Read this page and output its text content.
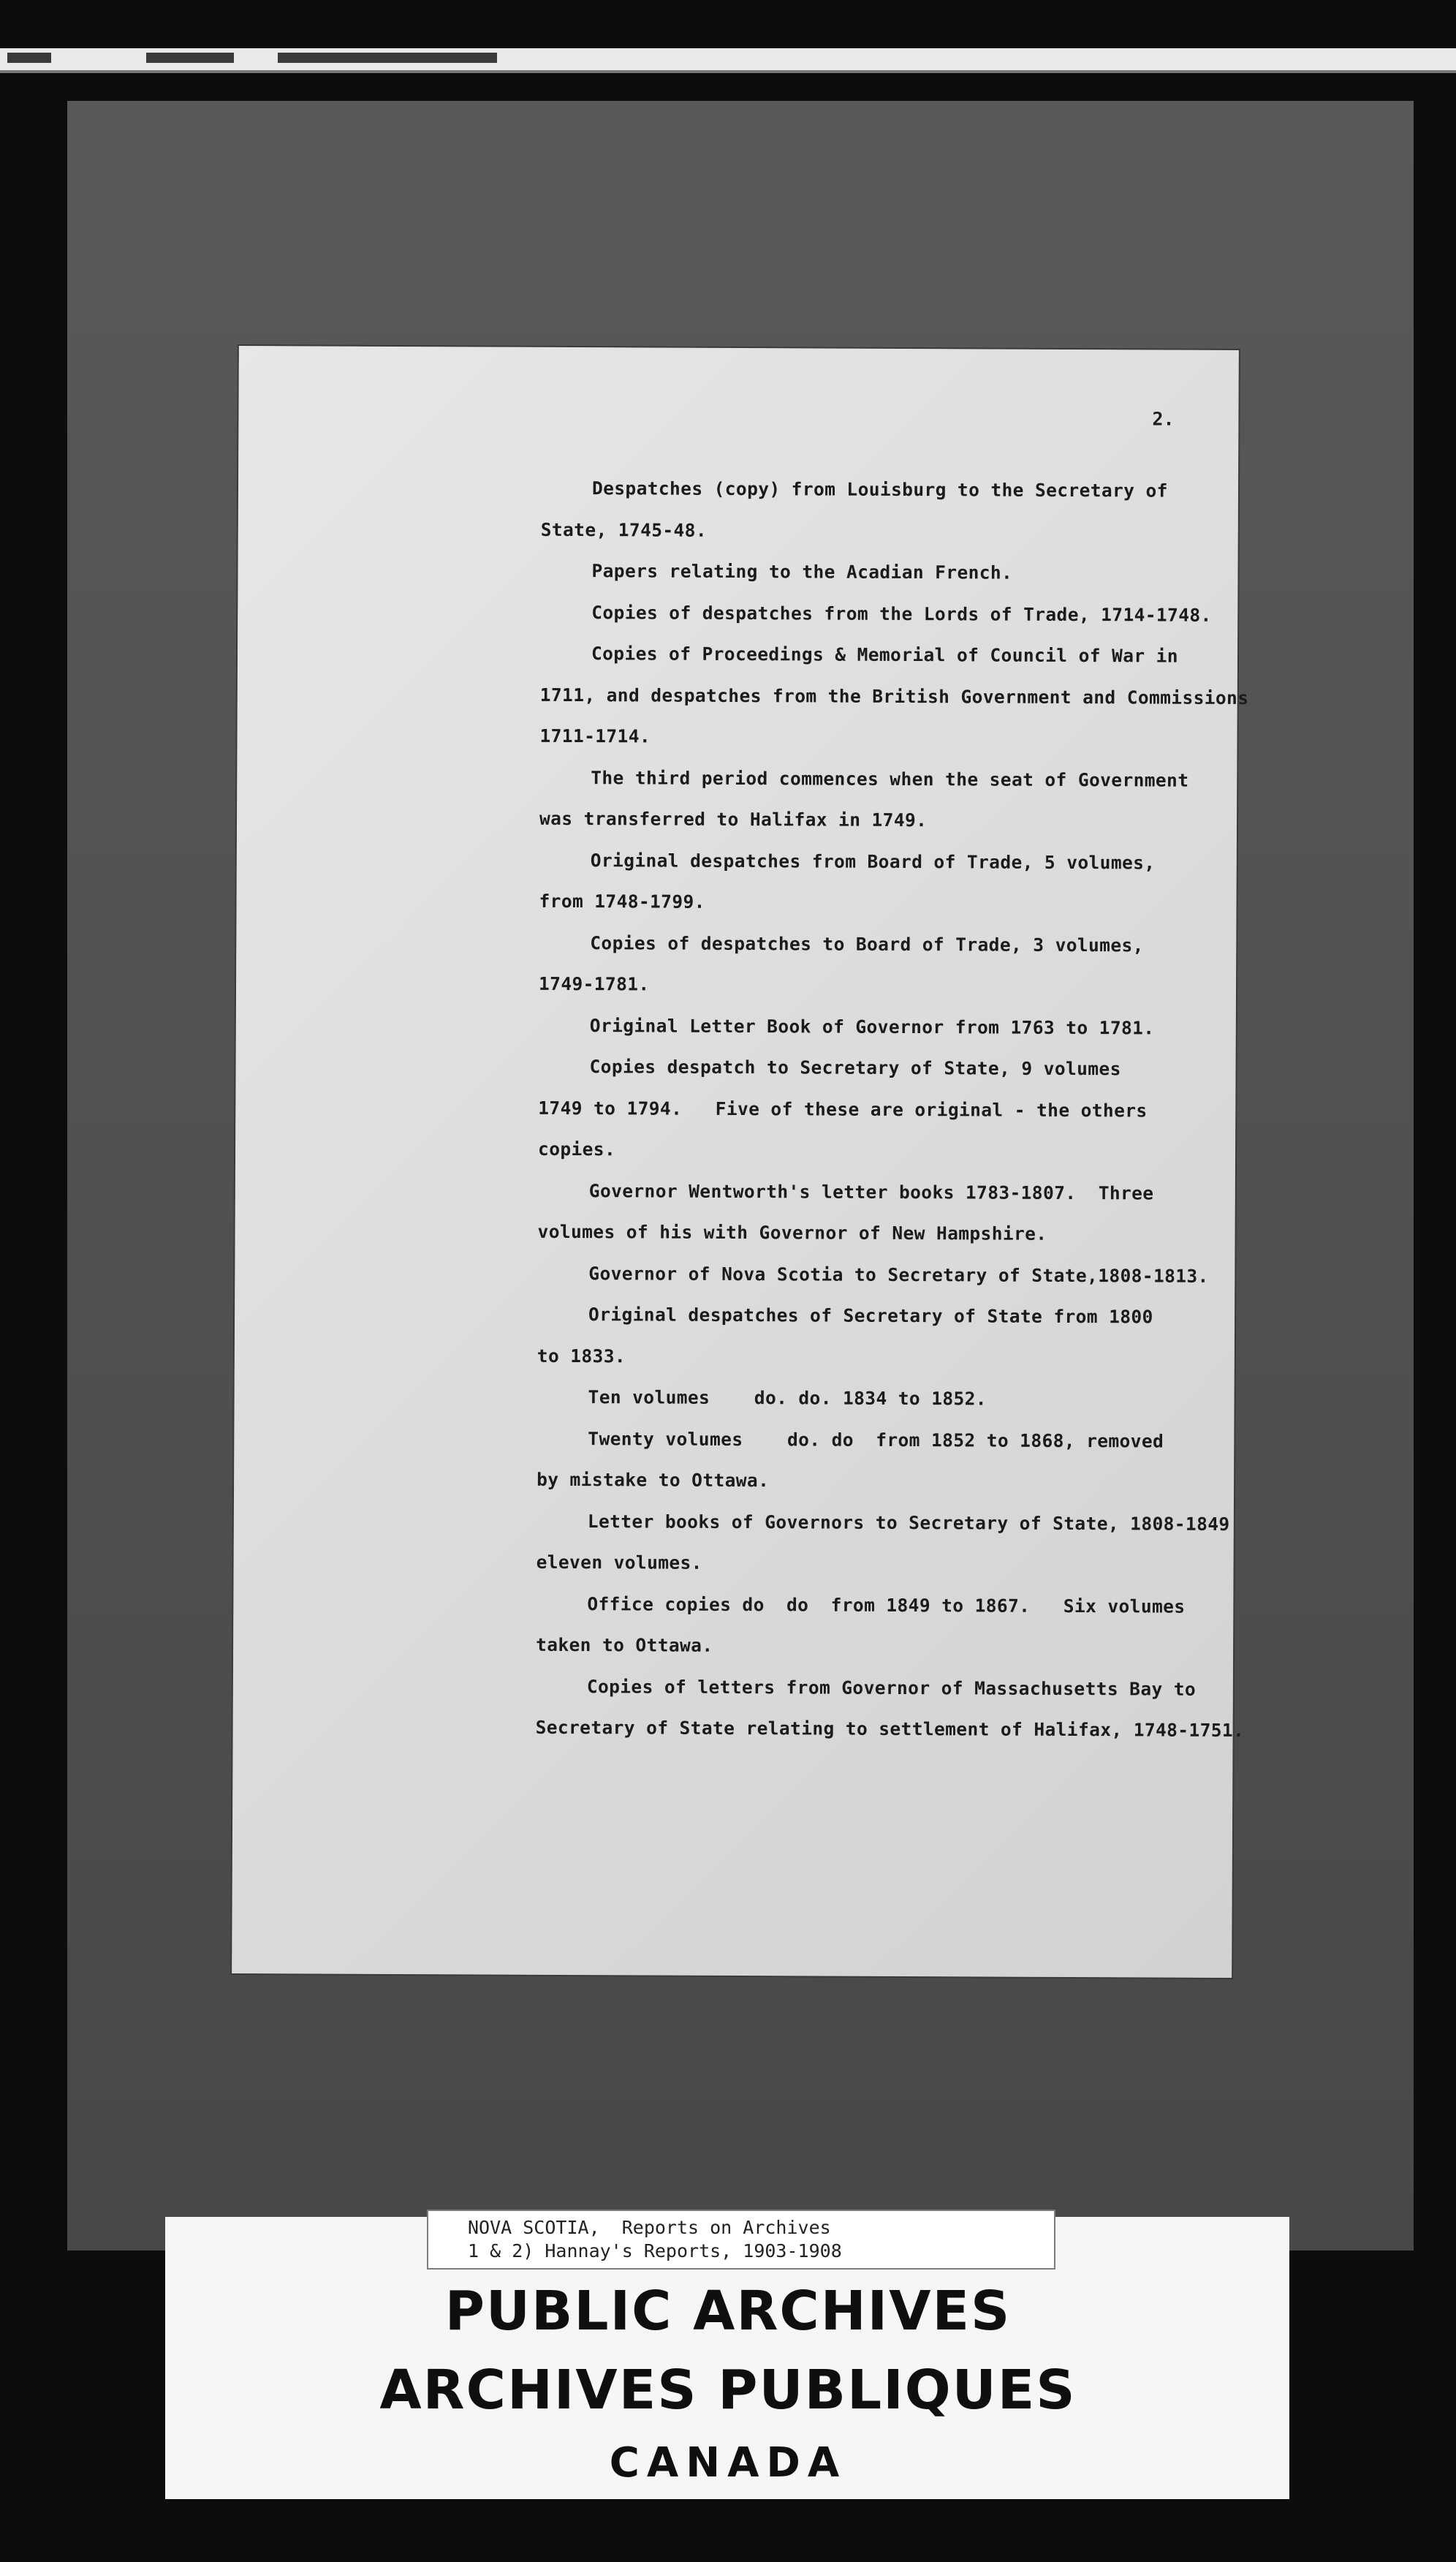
2.
Despatches (copy) from Louisburg to the Secretary of
State, 1745-48.
Papers relating to the Acadian French.
Copies of despatches from the Lords of Trade, 1714-1748.
Copies of Proceedings & Memorial of Council of War in
1711, and despatches from the British Government and Commissions
1711-1714.
The third period commences when the seat of Government
was transferred to Halifax in 1749.
Original despatches from Board of Trade, 5 volumes,
from 1748-1799.
Copies of despatches to Board of Trade, 3 volumes,
1749-1781.
Original Letter Book of Governor from 1763 to 1781.
Copies despatch to Secretary of State, 9 volumes
1749 to 1794.   Five of these are original - the others
copies.
Governor Wentworth's letter books 1783-1807.  Three
volumes of his with Governor of New Hampshire.
Governor of Nova Scotia to Secretary of State,1808-1813.
Original despatches of Secretary of State from 1800
to 1833.
Ten volumes    do. do. 1834 to 1852.
Twenty volumes    do. do  from 1852 to 1868, removed
by mistake to Ottawa.
Letter books of Governors to Secretary of State, 1808-1849
eleven volumes.
Office copies do  do  from 1849 to 1867.   Six volumes
taken to Ottawa.
Copies of letters from Governor of Massachusetts Bay to
Secretary of State relating to settlement of Halifax, 1748-1751.
NOVA SCOTIA,  Reports on Archives
1 & 2) Hannay's Reports, 1903-1908
PUBLIC ARCHIVES
ARCHIVES PUBLIQUES
CANADA
